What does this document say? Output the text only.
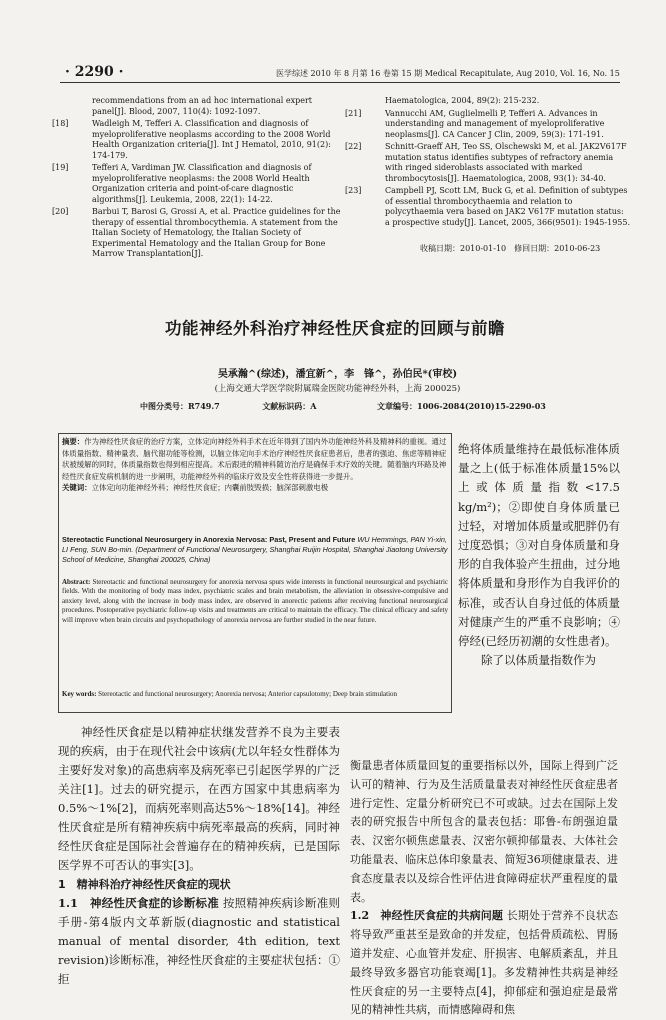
· 2290 ·	医学综述 2010 年 8 月第 16 卷第 15 期 Medical Recapitulate, Aug 2010, Vol. 16, No. 15
recommendations from an ad hoc international expert panel[J]. Blood, 2007, 110(4): 1092-1097.
[18]	Wadleigh M, Tefferi A. Classification and diagnosis of myeloproliferative neoplasms according to the 2008 World Health Organization criteria[J]. Int J Hematol, 2010, 91(2): 174-179.
[19]	Tefferi A, Vardiman JW. Classification and diagnosis of myeloproliferative neoplasms: the 2008 World Health Organization criteria and point-of-care diagnostic algorithms[J]. Leukemia, 2008, 22(1): 14-22.
[20]	Barbui T, Barosi G, Grossi A, et al. Practice guidelines for the therapy of essential thrombocythemia. A statement from the Italian Society of Hematology, the Italian Society of Experimental Hematology and the Italian Group for Bone Marrow Transplantation[J].
Haematologica, 2004, 89(2): 215-232.
[21]	Vannucchi AM, Guglielmelli P, Tefferi A. Advances in understanding and management of myeloproliferative neoplasms[J]. CA Cancer J Clin, 2009, 59(3): 171-191.
[22]	Schnitt-Graeff AH, Teo SS, Olschewski M, et al. JAK2V617F mutation status identifies subtypes of refractory anemia with ringed sideroblasts associated with marked thrombocytosis[J]. Haematologica, 2008, 93(1): 34-40.
[23]	Campbell PJ, Scott LM, Buck G, et al. Definition of subtypes of essential thrombocythaemia and relation to polycythaemia vera based on JAK2 V617F mutation status: a prospective study[J]. Lancet, 2005, 366(9501): 1945-1955.
收稿日期：2010-01-10　修回日期：2010-06-23
功能神经外科治疗神经性厌食症的回顾与前瞻
吴承瀚^(综述)，潘宜新^，李　锋^，孙伯民*(审校)
(上海交通大学医学院附属瑞金医院功能神经外科，上海 200025)
中图分类号：R749.7	文献标识码：A	文章编号：1006-2084(2010)15-2290-03
摘要：作为神经性厌食症的治疗方案，立体定向神经外科手术在近年得到了国内外功能神经外科及精神科的重视。通过体质量指数、精神量表、脑代谢功能等检测，以脑立体定向手术治疗神经性厌食症患者后，患者的强迫、焦虑等精神症状被缓解的同时，体质量指数也得到相应提高。术后跟进的精神科随访治疗是确保手术疗效的关键。随着脑内环路及神经性厌食症发病机制的进一步阐明，功能神经外科的临床疗效及安全性将获得进一步提升。
关键词：立体定向功能神经外科；神经性厌食症；内囊前肢毁损；脑深部刺激电极
Stereotactic Functional Neurosurgery in Anorexia Nervosa: Past, Present and Future WU Hemmings, PAN Yi-xin, LI Feng, SUN Bo-min. (Department of Functional Neurosurgery, Shanghai Ruijin Hospital, Shanghai Jiaotong University School of Medicine, Shanghai 200025, China)
Abstract: Stereotactic and functional neurosurgery for anorexia nervosa spurs wide interests in functional neurosurgical and psychiatric fields. With the monitoring of body mass index, psychiatric scales and brain metabolism, the alleviation in obsessive-compulsive and anxiety level, along with the increase in body mass index, are observed in anorectic patients after receiving functional neurosurgical procedures. Postoperative psychiatric follow-up visits and treatments are critical to maintain the efficacy. The clinical efficacy and safety will improve when brain circuits and psychopathology of anorexia nervosa are further studied in the near future.
Key words: Stereotactic and functional neurosurgery; Anorexia nervosa; Anterior capsulotomy; Deep brain stimulation
绝将体质量维持在最低标准体质量之上(低于标准体质量15%以上或体质量指数<17.5 kg/m²)；②即使自身体质量已过轻，对增加体质量或肥胖仍有过度恐惧；③对自身体质量和身形的自我体验产生扭曲，过分地将体质量和身形作为自我评价的标准，或否认自身过低的体质量对健康产生的严重不良影响；④停经(已经历初潮的女性患者)。
除了以体质量指数作为
神经性厌食症是以精神症状继发营养不良为主要表现的疾病，由于在现代社会中该病(尤以年轻女性群体为主要好发对象)的高患病率及病死率已引起医学界的广泛关注[1]。过去的研究提示，在西方国家中其患病率为0.5%～1%[2]，而病死率则高达5%～18%[14]。神经性厌食症是所有精神疾病中病死率最高的疾病，同时神经性厌食症是国际社会普遍存在的精神疾病，已是国际医学界不可否认的事实[3]。
1　精神科治疗神经性厌食症的现状
1.1　神经性厌食症的诊断标准 按照精神疾病诊断准则手册-第4版内文革新版(diagnostic and statistical manual of mental disorder, 4th edition, text revision)诊断标准，神经性厌食症的主要症状包括：①拒
衡量患者体质量回复的重要指标以外，国际上得到广泛认可的精神、行为及生活质量量表对神经性厌食症患者进行定性、定量分析研究已不可或缺。过去在国际上发表的研究报告中所包含的量表包括：耶鲁-布朗强迫量表、汉密尔顿焦虑量表、汉密尔顿抑郁量表、大体社会功能量表、临床总体印象量表、简短36项健康量表、进食态度量表以及综合性评估进食障碍症状严重程度的量表。
1.2　神经性厌食症的共病问题 长期处于营养不良状态将导致严重甚至是致命的并发症，包括骨质疏松、胃肠道并发症、心血管并发症、肝损害、电解质紊乱，并且最终导致多器官功能衰竭[1]。多发精神性共病是神经性厌食症的另一主要特点[4]，抑郁症和强迫症是最常见的精神性共病，而情感障碍和焦
